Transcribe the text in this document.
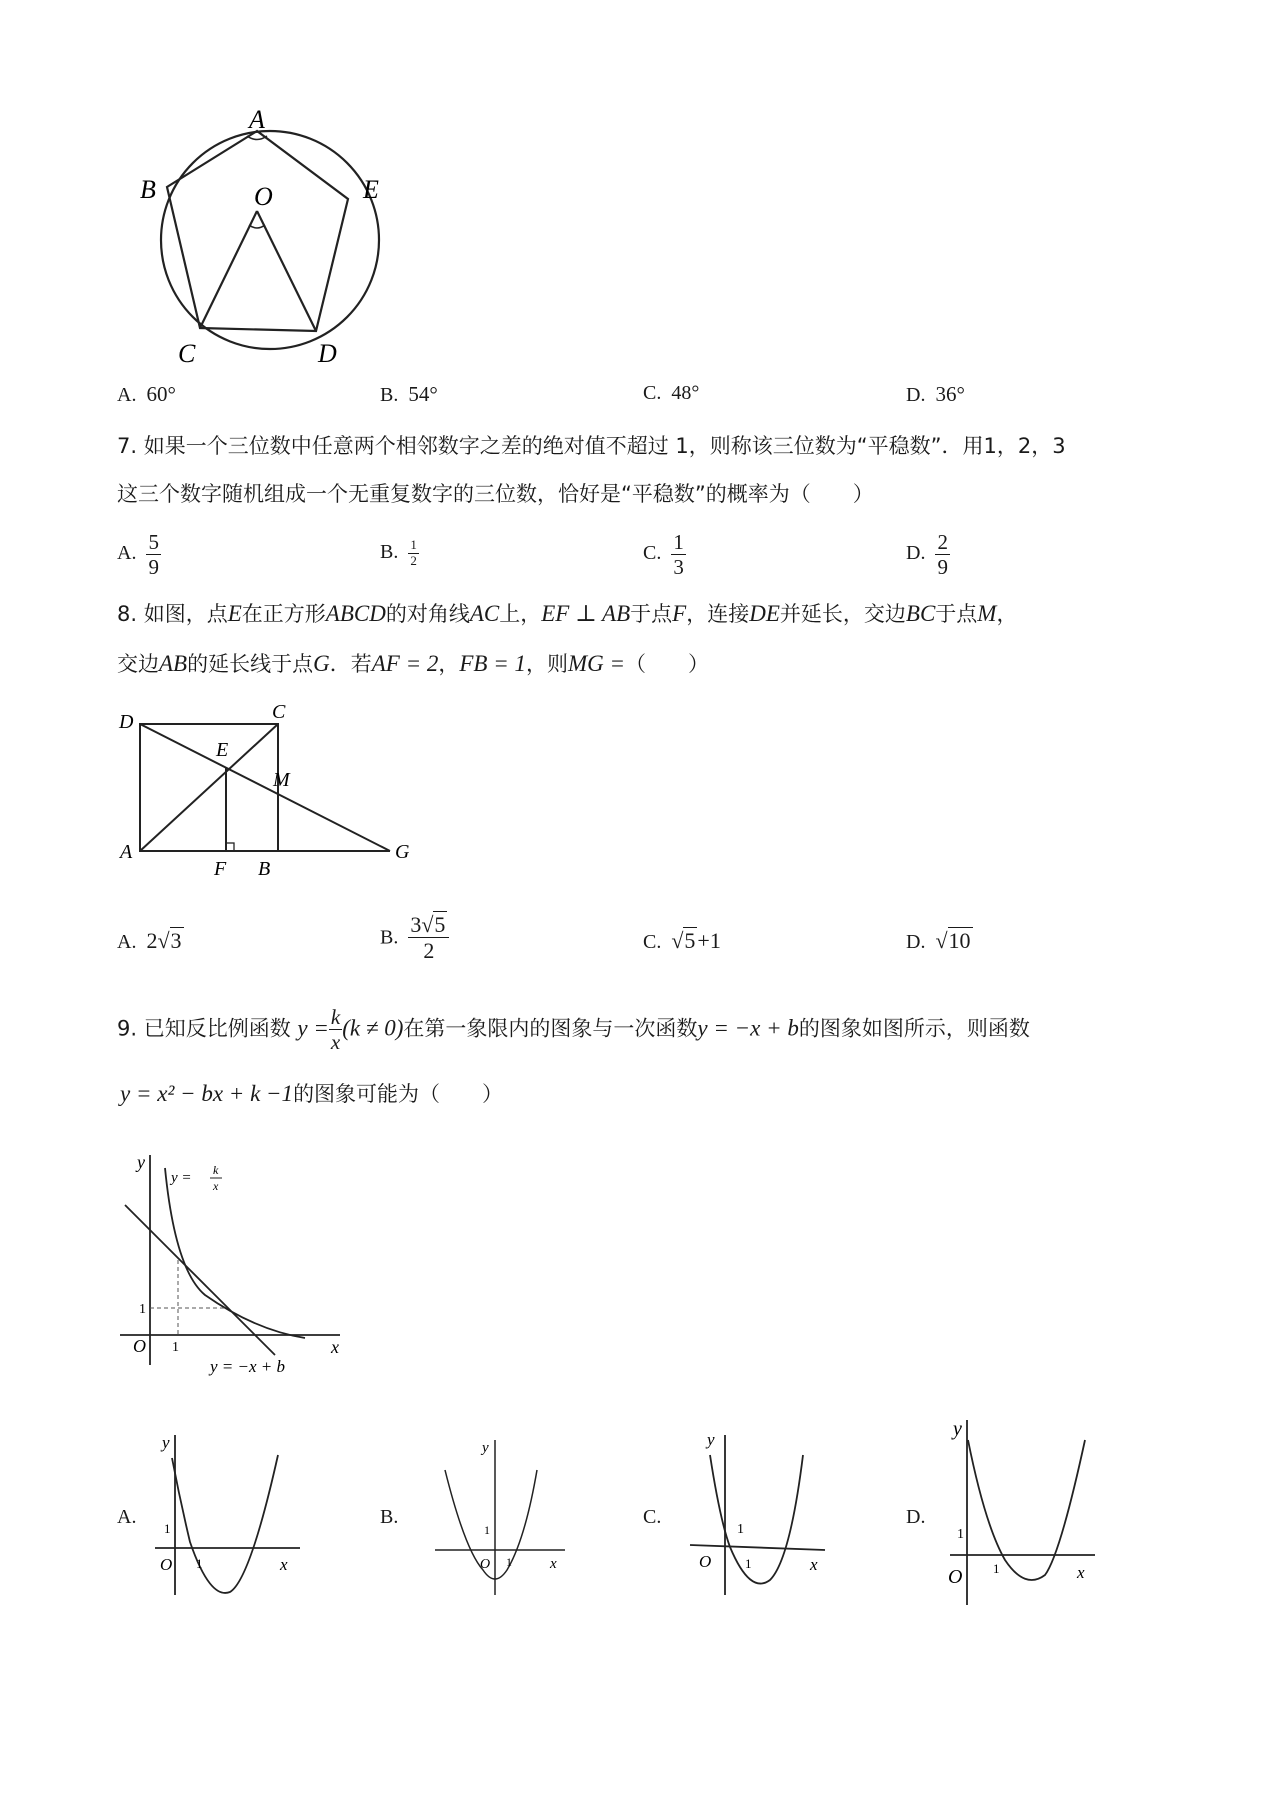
A
B	E
O
C	D
A. 60°	B. 54°	C. 48°	D. 36°
7. 如果一个三位数中任意两个相邻数字之差的绝对值不超过 1，则称该三位数为“平稳数”．用1，2，3
这三个数字随机组成一个无重复数字的三位数，恰好是“平稳数”的概率为（　　）
A. $\frac{5}{9}$	B. $\frac{1}{2}$	C. $\frac{1}{3}$	D. $\frac{2}{9}$
8. 如图，点E在正方形ABCD的对角线AC上，EF ⊥ AB于点F，连接DE并延长，交边BC于点M，
交边AB的延长线于点G．若AF = 2，FB = 1，则MG =（　　）
D	C
E
M
A
F B
G
A. 2√3	B. $\frac{3√5}{2}$	C. √5+1	D. √10
9. 已知反比例函数 $y = \frac{k}{x} (k \ne 0)$在第一象限内的图象与一次函数y = −x + b的图象如图所示，则函数
y = x² − bx + k −1的图象可能为（　　）
y
x
O
1
1
y = k
x
y = −x + b
A.	B.	C.	D.
y
x
O
1
1
y
x
O
1
1
y
x
O
1
1
y
x
O
1
1
